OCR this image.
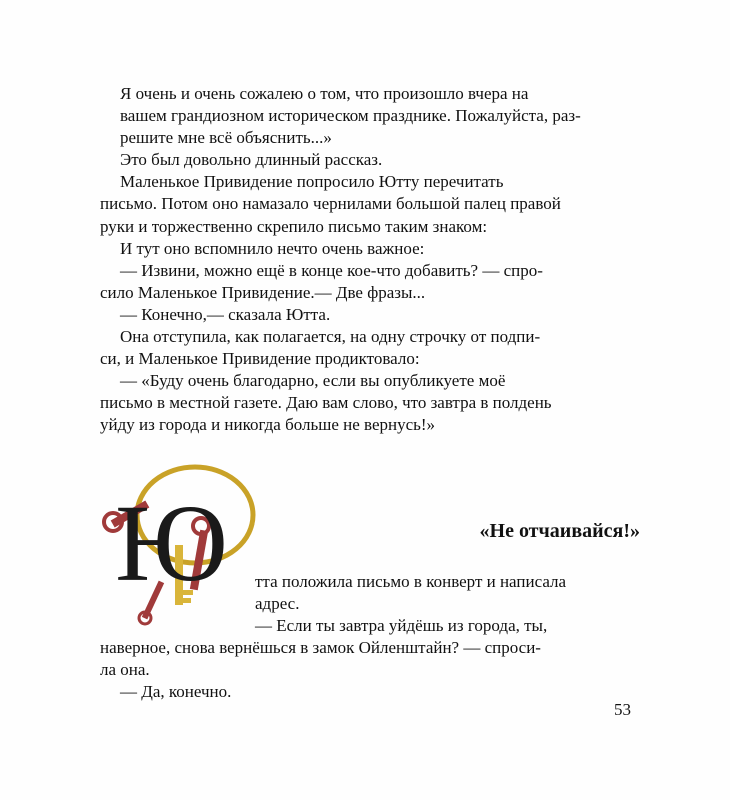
Я очень и очень сожалею о том, что произошло вчера на
вашем грандиозном историческом празднике. Пожалуйста, раз-
решите мне всё объяснить...»
Это был довольно длинный рассказ.
Маленькое Привидение попросило Ютту перечитать
письмо. Потом оно намазало чернилами большой палец правой
руки и торжественно скрепило письмо таким знаком:
И тут оно вспомнило нечто очень важное:
— Извини, можно ещё в конце кое-что добавить? — спро-
сило Маленькое Привидение.— Две фразы...
— Конечно,— сказала Ютта.
Она отступила, как полагается, на одну строчку от подпи-
си, и Маленькое Привидение продиктовало:
— «Буду очень благодарно, если вы опубликуете моё
письмо в местной газете. Даю вам слово, что завтра в полдень
уйду из города и никогда больше не вернусь!»
Ю	«Не отчаивайся!»
тта положила письмо в конверт и написала
адрес.
— Если ты завтра уйдёшь из города, ты,
наверное, снова вернёшься в замок Ойленштайн? — спроси-
ла она.
— Да, конечно.
53
